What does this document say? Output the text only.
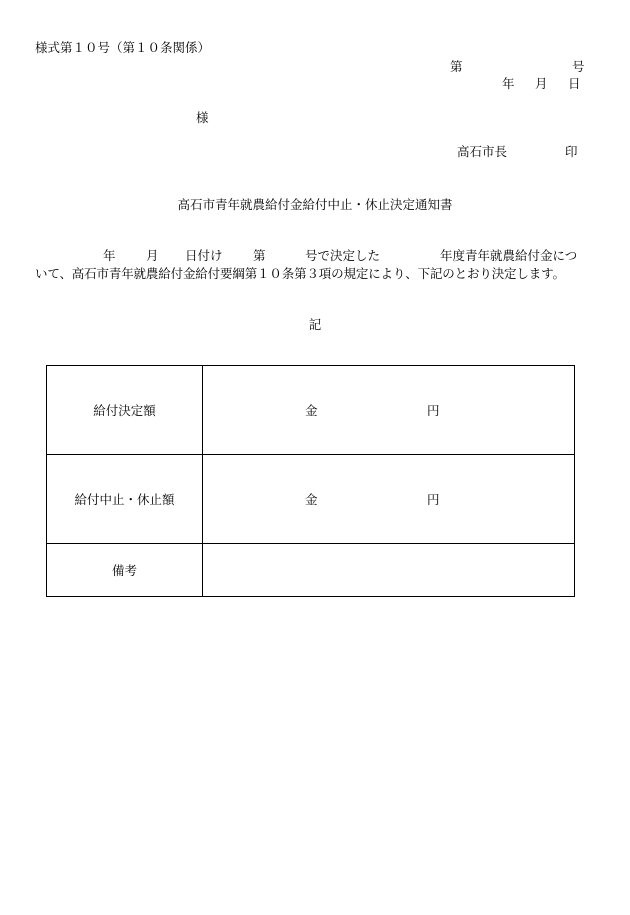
様式第１０号（第１０条関係）
第	号
年 月 日
様
高石市長	印
高石市青年就農給付金給付中止・休止決定通知書
年 月 日付け 第	号で決定した	年度青年就農給付金につ
いて、高石市青年就農給付金給付要綱第１０条第３項の規定により、下記のとおり決定します。
記
給付決定額	金 円

給付中止・休止額	金 円

備考	
